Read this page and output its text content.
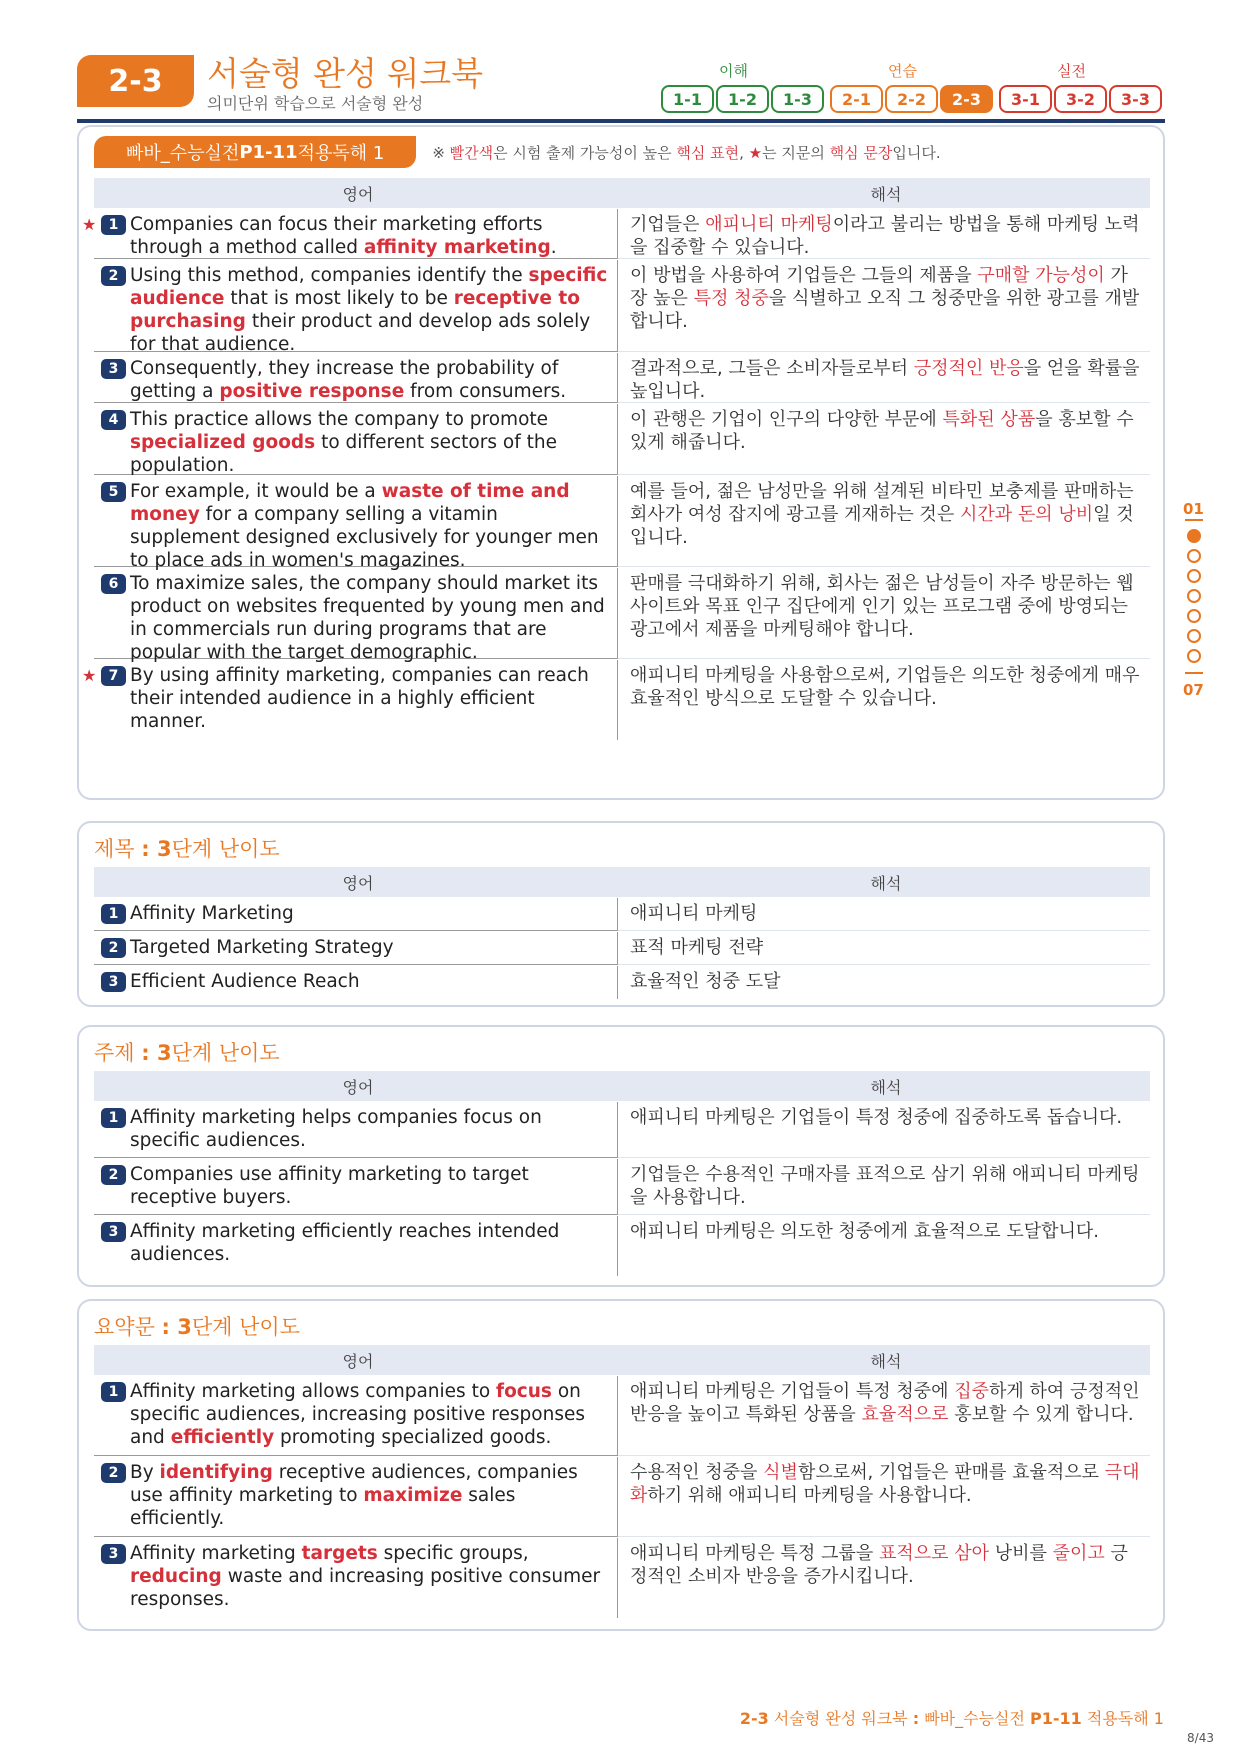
2-3	서술형 완성 워크북
의미단위 학습으로 서술형 완성
이해	연습	실전
1-1	1-2	1-3	2-1	2-2	2-3	3-1	3-2	3-3
빠바_수능실전 P1-11 적용독해 1	※ 빨간색은 시험 출제 가능성이 높은 핵심 표현, ★는 지문의 핵심 문장입니다.
영어	해석
★ 1 Companies can focus their marketing efforts through a method called affinity marketing.
기업들은 애피니티 마케팅이라고 불리는 방법을 통해 마케팅 노력을 집중할 수 있습니다.
2 Using this method, companies identify the specific audience that is most likely to be receptive to purchasing their product and develop ads solely for that audience.
이 방법을 사용하여 기업들은 그들의 제품을 구매할 가능성이 가장 높은 특정 청중을 식별하고 오직 그 청중만을 위한 광고를 개발합니다.
3 Consequently, they increase the probability of getting a positive response from consumers.
결과적으로, 그들은 소비자들로부터 긍정적인 반응을 얻을 확률을 높입니다.
4 This practice allows the company to promote specialized goods to different sectors of the population.
이 관행은 기업이 인구의 다양한 부문에 특화된 상품을 홍보할 수 있게 해줍니다.
5 For example, it would be a waste of time and money for a company selling a vitamin supplement designed exclusively for younger men to place ads in women's magazines.
예를 들어, 젊은 남성만을 위해 설계된 비타민 보충제를 판매하는 회사가 여성 잡지에 광고를 게재하는 것은 시간과 돈의 낭비일 것입니다.
6 To maximize sales, the company should market its product on websites frequented by young men and in commercials run during programs that are popular with the target demographic.
판매를 극대화하기 위해, 회사는 젊은 남성들이 자주 방문하는 웹사이트와 목표 인구 집단에게 인기 있는 프로그램 중에 방영되는 광고에서 제품을 마케팅해야 합니다.
★ 7 By using affinity marketing, companies can reach their intended audience in a highly efficient manner.
애피니티 마케팅을 사용함으로써, 기업들은 의도한 청중에게 매우 효율적인 방식으로 도달할 수 있습니다.
제목 : 3단계 난이도
영어	해석
1 Affinity Marketing	애피니티 마케팅
2 Targeted Marketing Strategy	표적 마케팅 전략
3 Efficient Audience Reach	효율적인 청중 도달
주제 : 3단계 난이도
영어	해석
1 Affinity marketing helps companies focus on specific audiences.
애피니티 마케팅은 기업들이 특정 청중에 집중하도록 돕습니다.
2 Companies use affinity marketing to target receptive buyers.
기업들은 수용적인 구매자를 표적으로 삼기 위해 애피니티 마케팅을 사용합니다.
3 Affinity marketing efficiently reaches intended audiences.
애피니티 마케팅은 의도한 청중에게 효율적으로 도달합니다.
요약문 : 3단계 난이도
영어	해석
1 Affinity marketing allows companies to focus on specific audiences, increasing positive responses and efficiently promoting specialized goods.
애피니티 마케팅은 기업들이 특정 청중에 집중하게 하여 긍정적인 반응을 높이고 특화된 상품을 효율적으로 홍보할 수 있게 합니다.
2 By identifying receptive audiences, companies use affinity marketing to maximize sales efficiently.
수용적인 청중을 식별함으로써, 기업들은 판매를 효율적으로 극대화하기 위해 애피니티 마케팅을 사용합니다.
3 Affinity marketing targets specific groups, reducing waste and increasing positive consumer responses.
애피니티 마케팅은 특정 그룹을 표적으로 삼아 낭비를 줄이고 긍정적인 소비자 반응을 증가시킵니다.
01
07
2-3 서술형 완성 워크북 : 빠바_수능실전 P1-11 적용독해 1
8/43
